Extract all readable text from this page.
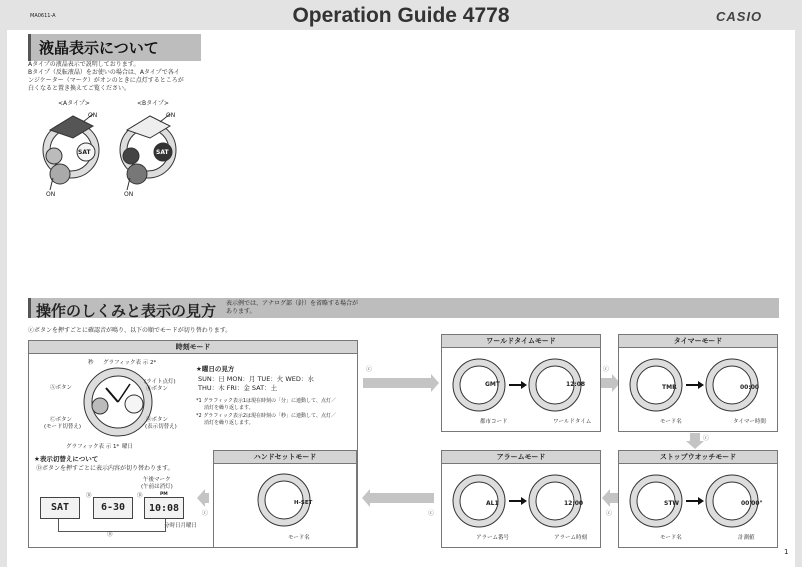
MA0611-A	Operation Guide 4778	CASIO
液晶表示について
Aタイプの液晶表示で説明しております。
Bタイプ（反転液晶）をお使いの場合は、Aタイプで各イ
ンジケーター（マーク）がオンのときに点灯するところが
白くなると置き換えてご覧ください。
<Aタイプ>	<Bタイプ>
ON	ON
ON	ON
SAT	SAT
操作のしくみと表示の見方 表示例では、アナログ部（針）を省略する場合が
あります。
ⓒボタンを押すごとに確認音が鳴り、以下の順でモードが切り替わります。
時刻モード
秒 グラフィック表 示 2*
Ⓐボタン
(ライト点灯)
Ⓑボタン
Ⓒボタン
(モード切替え)
Ⓓボタン
(表示切替え)
グラフィック表 示 1* 曜日
★曜日の見方
SUN：日 MON：月 TUE：火 WED：水
THU：木 FRI：金 SAT：土
*1 グラフィック表示1は現在時刻の「分」に連動して、点灯／
消灯を繰り返します。
*2 グラフィック表示2は現在時刻の「秒」に連動して、点灯／
消灯を繰り返します。
★表示切替えについて
Ⓓボタンを押すごとに表示内容が切り替わります。
午後マーク
(午前は消灯)
SAT
Ⓓ
6-30
Ⓓ
10:08
PM
分時日月曜日
Ⓓ
ⓒ	ⓒ
ⓒ
ⓒ
ⓒ
ⓒ
ワールドタイムモード
GMT	12:08
都市コード	ワールドタイム
タイマーモード
TMR	00:00
モード名	タイマー時間
ハンドセットモード
H-SET
モード名
アラームモード
AL1	12:00
アラーム番号	アラーム時刻
ストップウオッチモード
STW	00'00"
モード名	計測値
1
